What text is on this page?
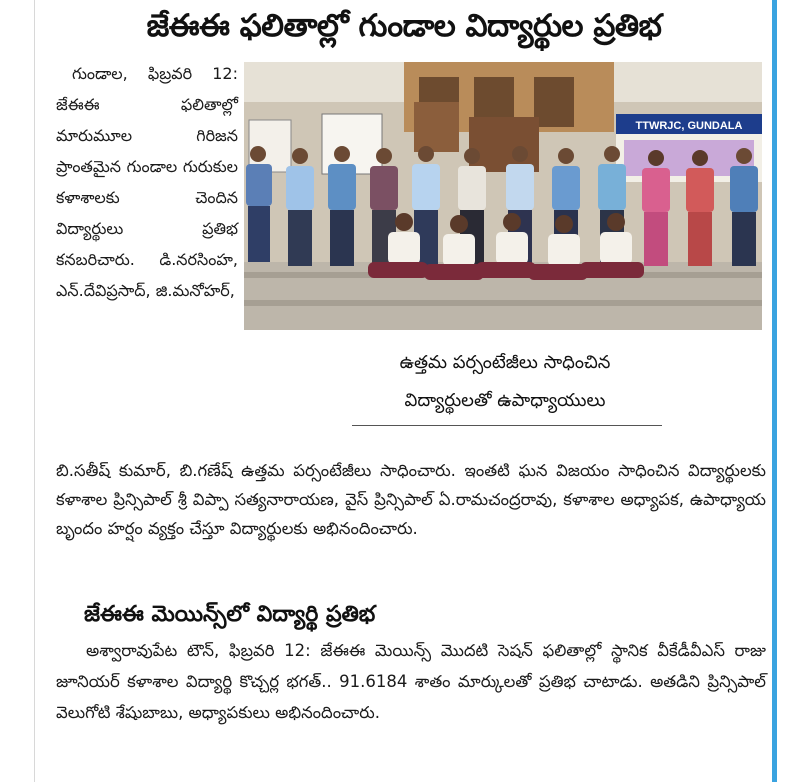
జేఈఈ ఫలితాల్లో గుండాల విద్యార్థుల ప్రతిభ

గుండాల, ఫిబ్రవరి 12: జేఈఈ ఫలితాల్లో మారుమూల గిరిజన ప్రాంతమైన గుండాల గురుకుల కళాశాలకు చెందిన విద్యార్థులు ప్రతిభ కనబరిచారు. డి.నరసింహ, ఎన్.దేవిప్రసాద్, జి.మనోహర్,

TTWRJC, GUNDALA
ఉత్తమ పర్సంటేజీలు సాధించిన
విద్యార్థులతో ఉపాధ్యాయులు

బి.సతీష్ కుమార్, బి.గణేష్ ఉత్తమ పర్సంటేజీలు సాధించారు. ఇంతటి ఘన విజయం సాధించిన విద్యార్థులకు కళాశాల ప్రిన్సిపాల్ శ్రీ విప్పా సత్యనారాయణ, వైస్ ప్రిన్సిపాల్ ఏ.రామచంద్రరావు, కళాశాల అధ్యాపక, ఉపాధ్యాయ బృందం హర్షం వ్యక్తం చేస్తూ విద్యార్థులకు అభినందించారు.

జేఈఈ మెయిన్స్‌లో విద్యార్థి ప్రతిభ

అశ్వారావుపేట టౌన్, ఫిబ్రవరి 12: జేఈఈ మెయిన్స్ మొదటి సెషన్ ఫలితాల్లో స్థానిక వీకేడీవీఎస్ రాజు జూనియర్ కళాశాల విద్యార్థి కొచ్చర్ల భగత్.. 91.6184 శాతం మార్కులతో ప్రతిభ చాటాడు. అతడిని ప్రిన్సిపాల్ వెలుగోటి శేషుబాబు, అధ్యాపకులు అభినందించారు.
